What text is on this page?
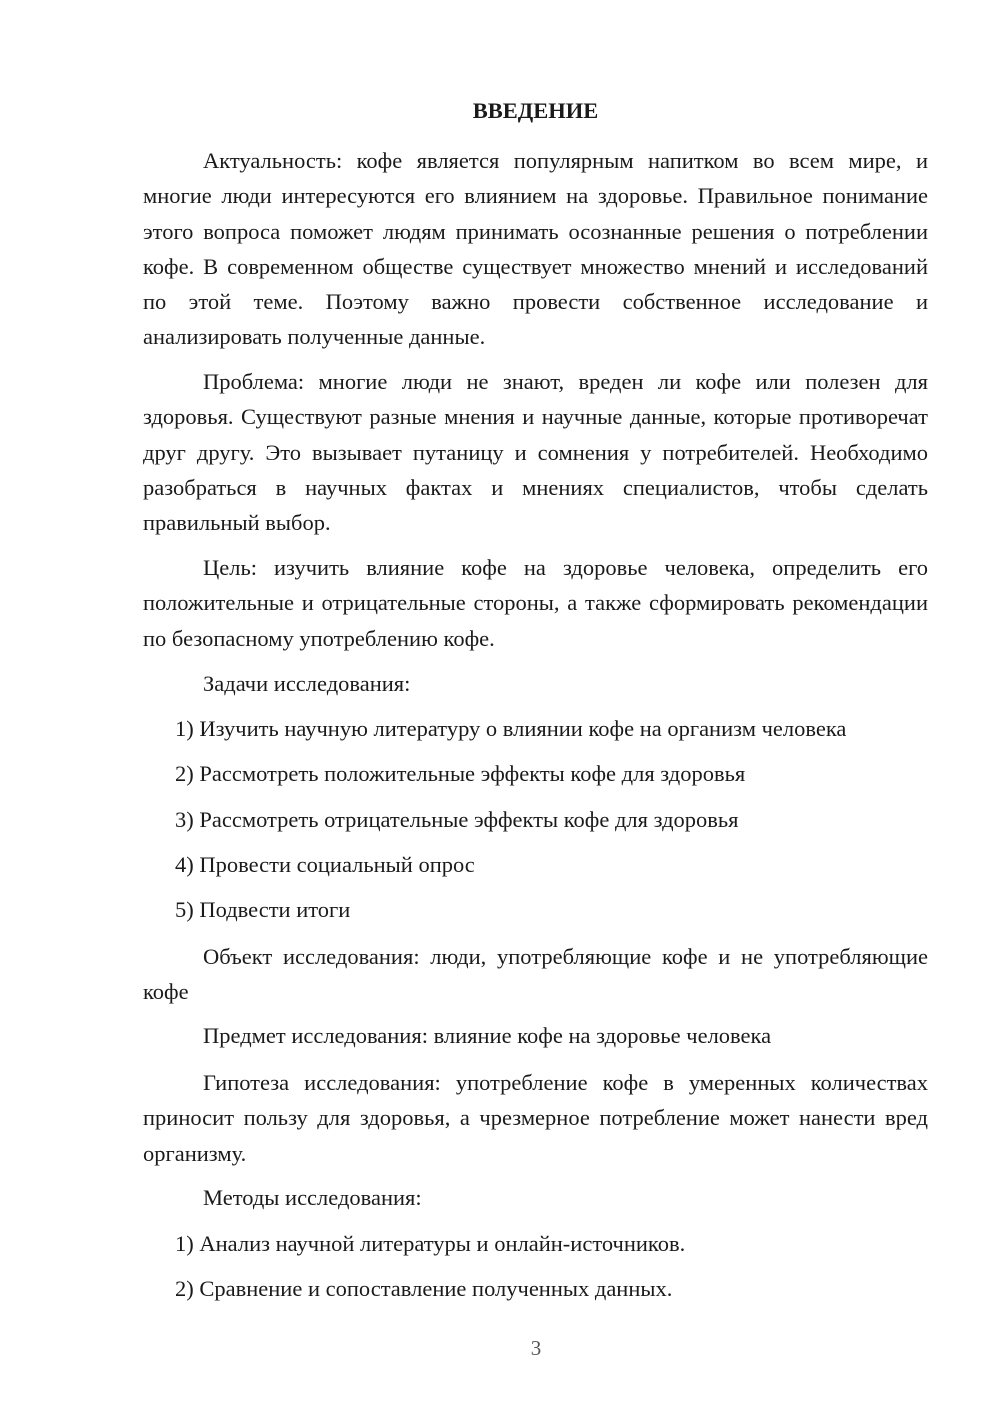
ВВЕДЕНИЕ

Актуальность: кофе является популярным напитком во всем мире, и многие люди интересуются его влиянием на здоровье. Правильное понимание этого вопроса поможет людям принимать осознанные решения о потреблении кофе. В современном обществе существует множество мнений и исследований по этой теме. Поэтому важно провести собственное исследование и анализировать полученные данные.

Проблема: многие люди не знают, вреден ли кофе или полезен для здоровья. Существуют разные мнения и научные данные, которые противоречат друг другу. Это вызывает путаницу и сомнения у потребителей. Необходимо разобраться в научных фактах и мнениях специалистов, чтобы сделать правильный выбор.

Цель: изучить влияние кофе на здоровье человека, определить его положительные и отрицательные стороны, а также сформировать рекомендации по безопасному употреблению кофе.

Задачи исследования:

1) Изучить научную литературу о влиянии кофе на организм человека

2) Рассмотреть положительные эффекты кофе для здоровья

3) Рассмотреть отрицательные эффекты кофе для здоровья

4) Провести социальный опрос

5) Подвести итоги

Объект исследования: люди, употребляющие кофе и не употребляющие кофе

Предмет исследования: влияние кофе на здоровье человека

Гипотеза исследования: употребление кофе в умеренных количествах приносит пользу для здоровья, а чрезмерное потребление может нанести вред организму.

Методы исследования:

1) Анализ научной литературы и онлайн-источников.

2) Сравнение и сопоставление полученных данных.

3
